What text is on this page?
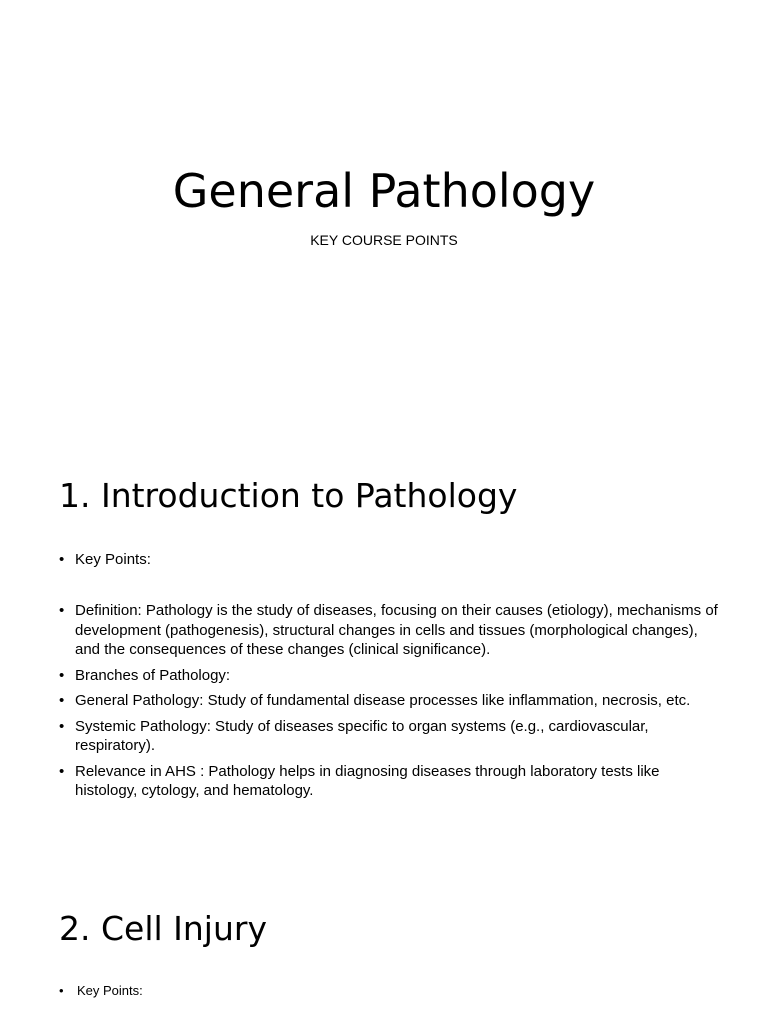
General Pathology

KEY COURSE POINTS

1. Introduction to Pathology
• Key Points:
• Definition: Pathology is the study of diseases, focusing on their causes (etiology), mechanisms of development (pathogenesis), structural changes in cells and tissues (morphological changes), and the consequences of these changes (clinical significance).
• Branches of Pathology:
• General Pathology: Study of fundamental disease processes like inflammation, necrosis, etc.
• Systemic Pathology: Study of diseases specific to organ systems (e.g., cardiovascular, respiratory).
• Relevance in AHS : Pathology helps in diagnosing diseases through laboratory tests like histology, cytology, and hematology.
2. Cell Injury
• Key Points:
